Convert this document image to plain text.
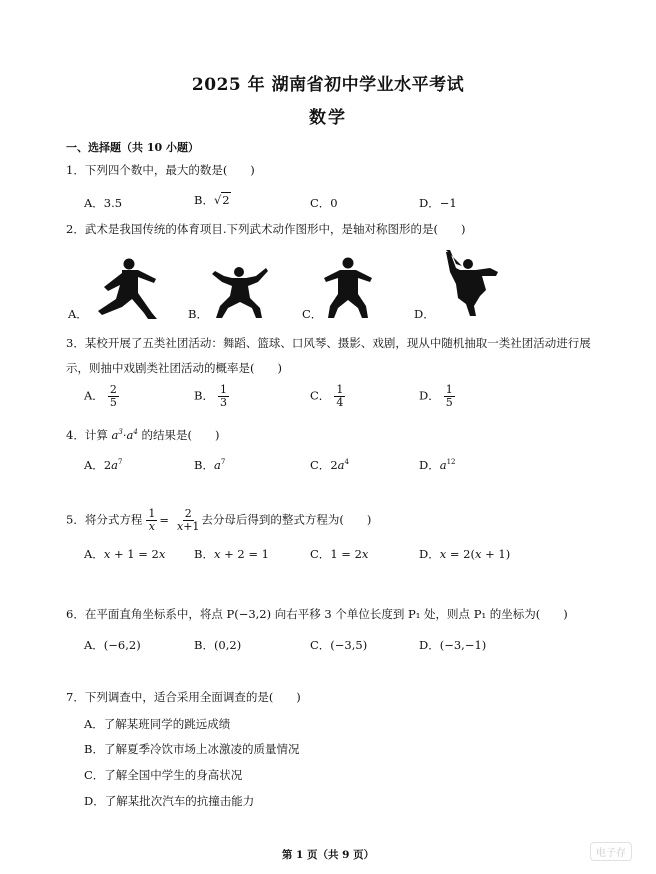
2025 年 湖南省初中学业水平考试
数学
一、选择题（共 10 小题）
1．下列四个数中，最大的数是(　　)
A．3.5	B．√2	C．0	D．−1
2．武术是我国传统的体育项目.下列武术动作图形中，是轴对称图形的是(　　)
A．	B．	C．	D．
3．某校开展了五类社团活动：舞蹈、篮球、口风琴、摄影、戏剧，现从中随机抽取一类社团活动进行展
示，则抽中戏剧类社团活动的概率是(　　)
A． $\frac{2}{5}$	B． $\frac{1}{3}$	C． $\frac{1}{4}$	D． $\frac{1}{5}$
4．计算 $a^3\cdot a^4$ 的结果是(　　)
A．$2a^7$	B．$a^7$	C．$2a^4$	D．$a^{12}$
5．将分式方程 $\frac{1}{x} = \frac{2}{x+1}$ 去分母后得到的整式方程为(　　)
A．x + 1 = 2x B．x + 2 = 1	C．1 = 2x	D．x = 2(x + 1)
6．在平面直角坐标系中，将点 P(−3,2) 向右平移 3 个单位长度到 P₁ 处，则点 P₁ 的坐标为(　　)
A．(−6,2)	B．(0,2)	C．(−3,5)	D．(−3,−1)
7．下列调查中，适合采用全面调查的是(　　)
A．了解某班同学的跳远成绩
B．了解夏季冷饮市场上冰激凌的质量情况
C．了解全国中学生的身高状况
D．了解某批次汽车的抗撞击能力
第 1 页（共 9 页）	电子存
